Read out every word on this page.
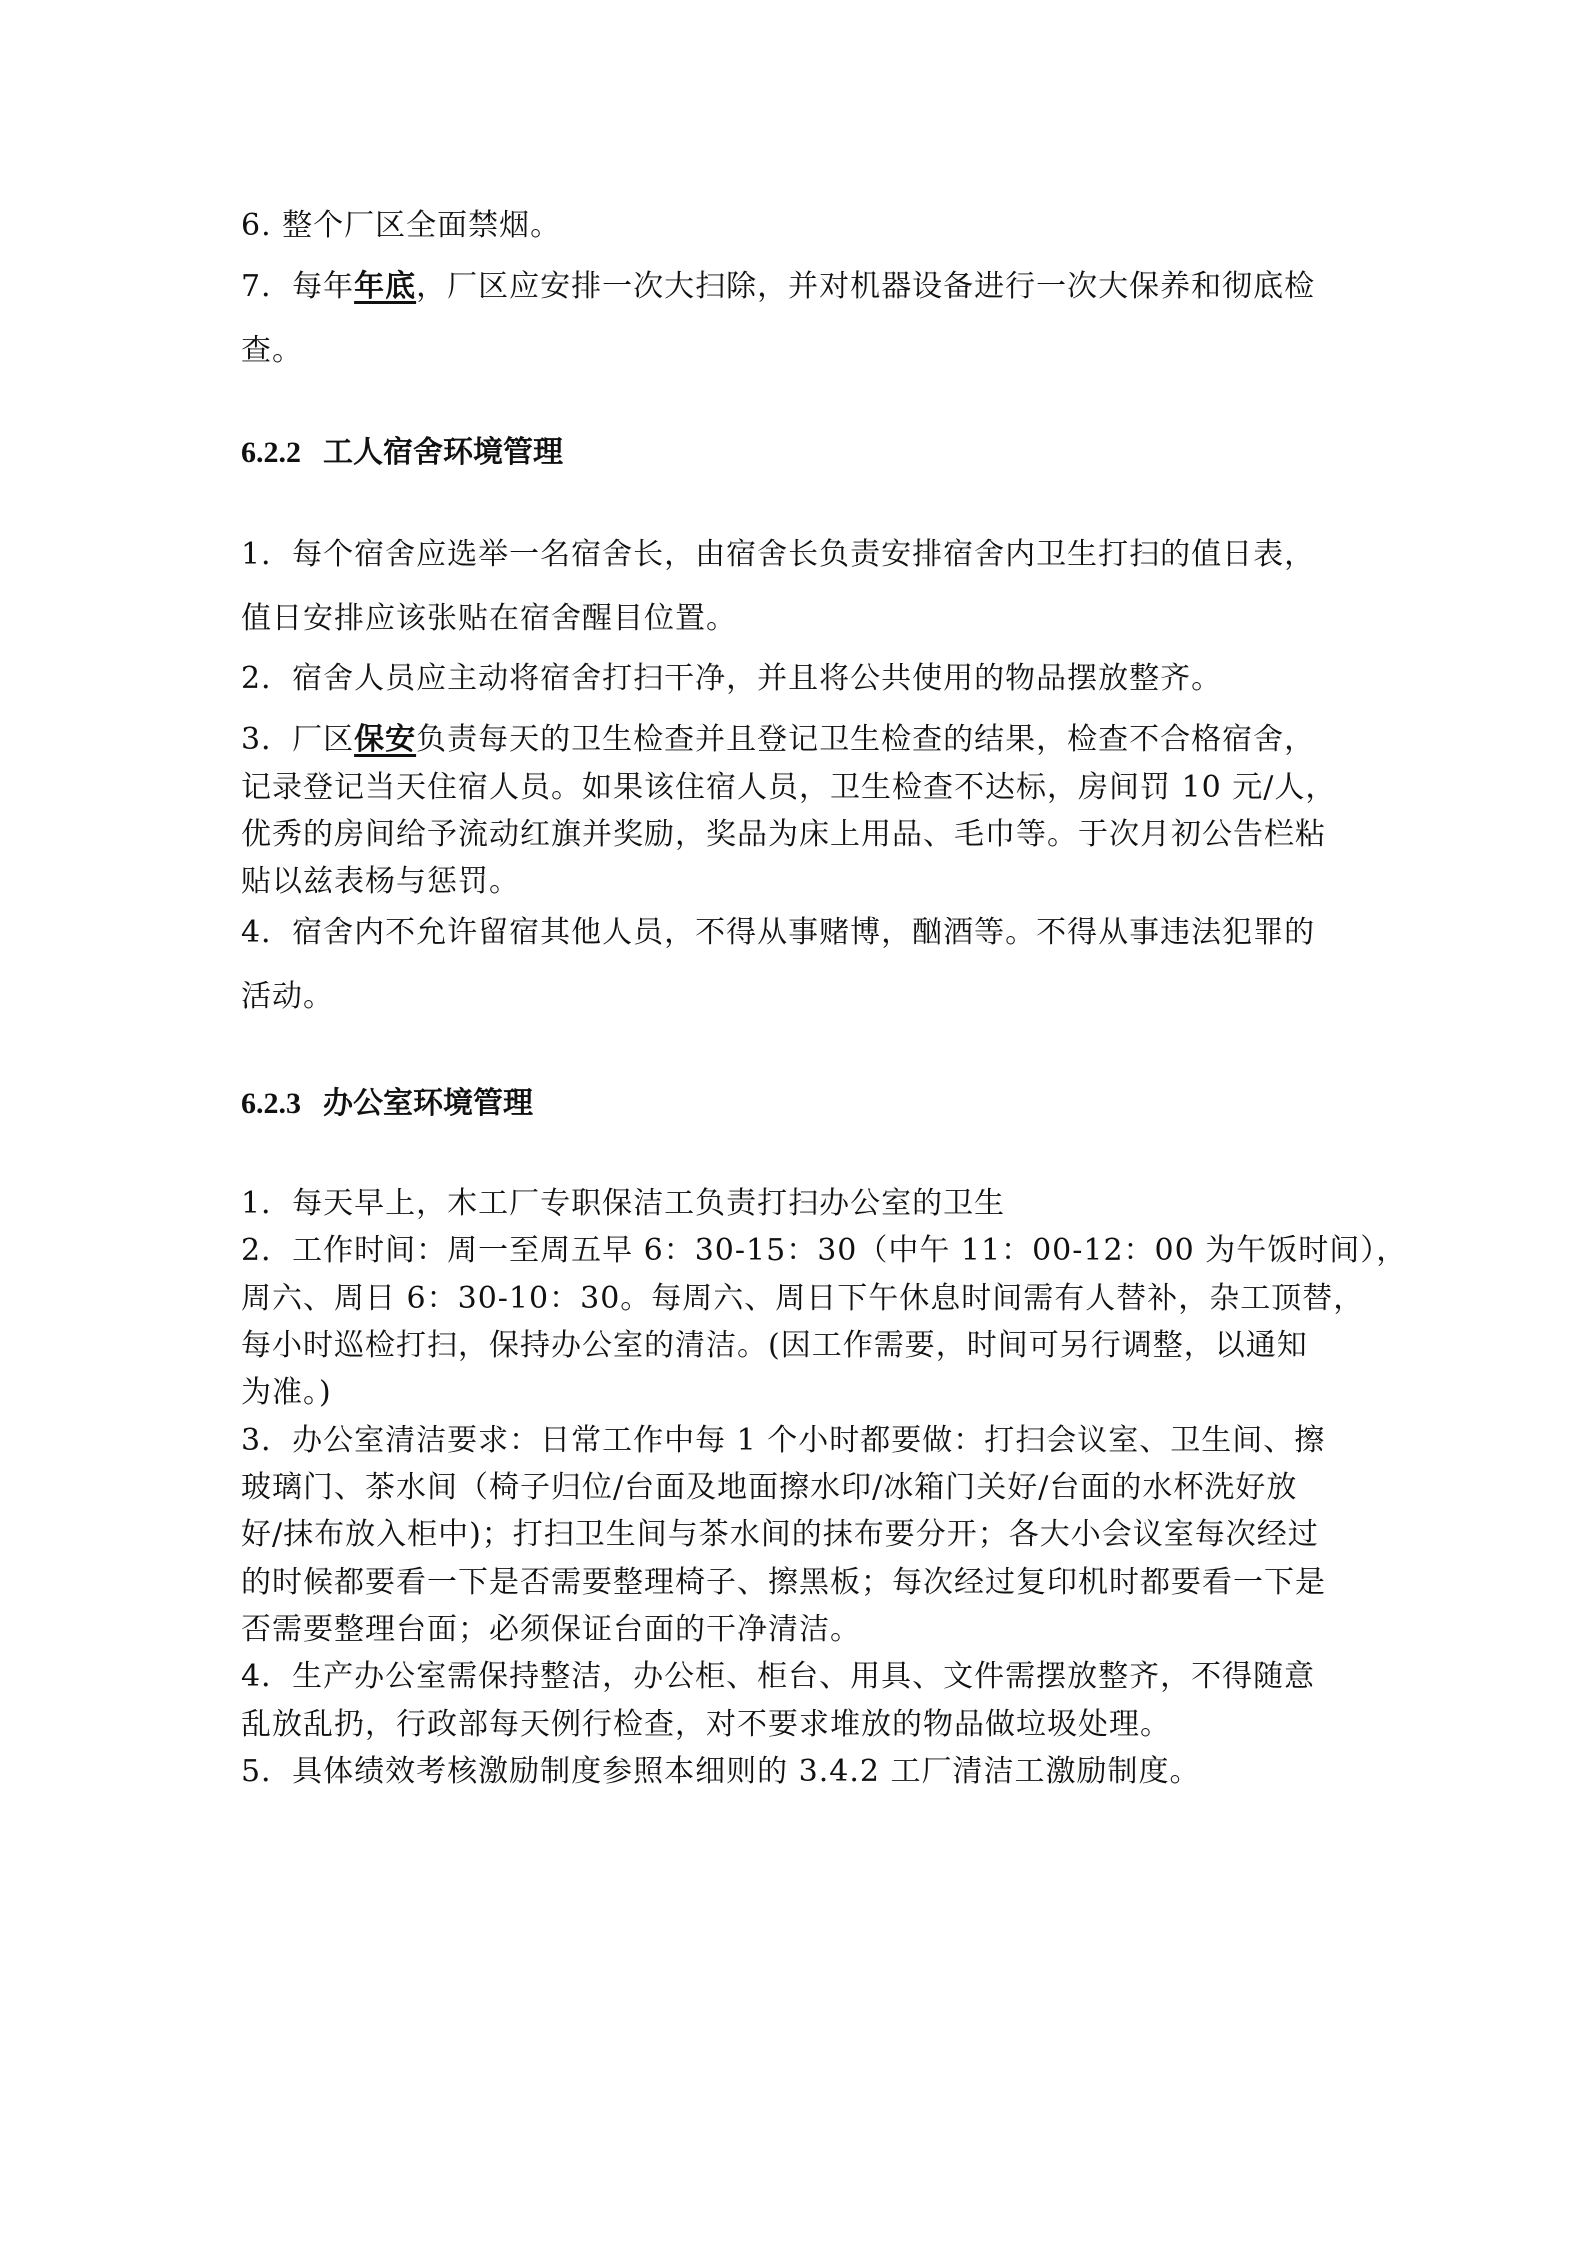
6. 整个厂区全面禁烟。
7．每年年底，厂区应安排一次大扫除，并对机器设备进行一次大保养和彻底检
查。
6.2.2 工人宿舍环境管理
1．每个宿舍应选举一名宿舍长，由宿舍长负责安排宿舍内卫生打扫的值日表，
值日安排应该张贴在宿舍醒目位置。
2．宿舍人员应主动将宿舍打扫干净，并且将公共使用的物品摆放整齐。
3．厂区保安负责每天的卫生检查并且登记卫生检查的结果，检查不合格宿舍，
记录登记当天住宿人员。如果该住宿人员，卫生检查不达标，房间罚 10 元/人，
优秀的房间给予流动红旗并奖励，奖品为床上用品、毛巾等。于次月初公告栏粘
贴以兹表杨与惩罚。
4．宿舍内不允许留宿其他人员，不得从事赌博，酗酒等。不得从事违法犯罪的
活动。
6.2.3 办公室环境管理
1．每天早上，木工厂专职保洁工负责打扫办公室的卫生
2．工作时间：周一至周五早 6：30-15：30（中午 11：00-12：00 为午饭时间），
周六、周日 6：30-10：30。每周六、周日下午休息时间需有人替补，杂工顶替，
每小时巡检打扫，保持办公室的清洁。(因工作需要，时间可另行调整，以通知
为准。)
3．办公室清洁要求：日常工作中每 1 个小时都要做：打扫会议室、卫生间、擦
玻璃门、茶水间（椅子归位/台面及地面擦水印/冰箱门关好/台面的水杯洗好放
好/抹布放入柜中)；打扫卫生间与茶水间的抹布要分开；各大小会议室每次经过
的时候都要看一下是否需要整理椅子、擦黑板；每次经过复印机时都要看一下是
否需要整理台面；必须保证台面的干净清洁。
4．生产办公室需保持整洁，办公柜、柜台、用具、文件需摆放整齐，不得随意
乱放乱扔，行政部每天例行检查，对不要求堆放的物品做垃圾处理。
5．具体绩效考核激励制度参照本细则的 3.4.2 工厂清洁工激励制度。
